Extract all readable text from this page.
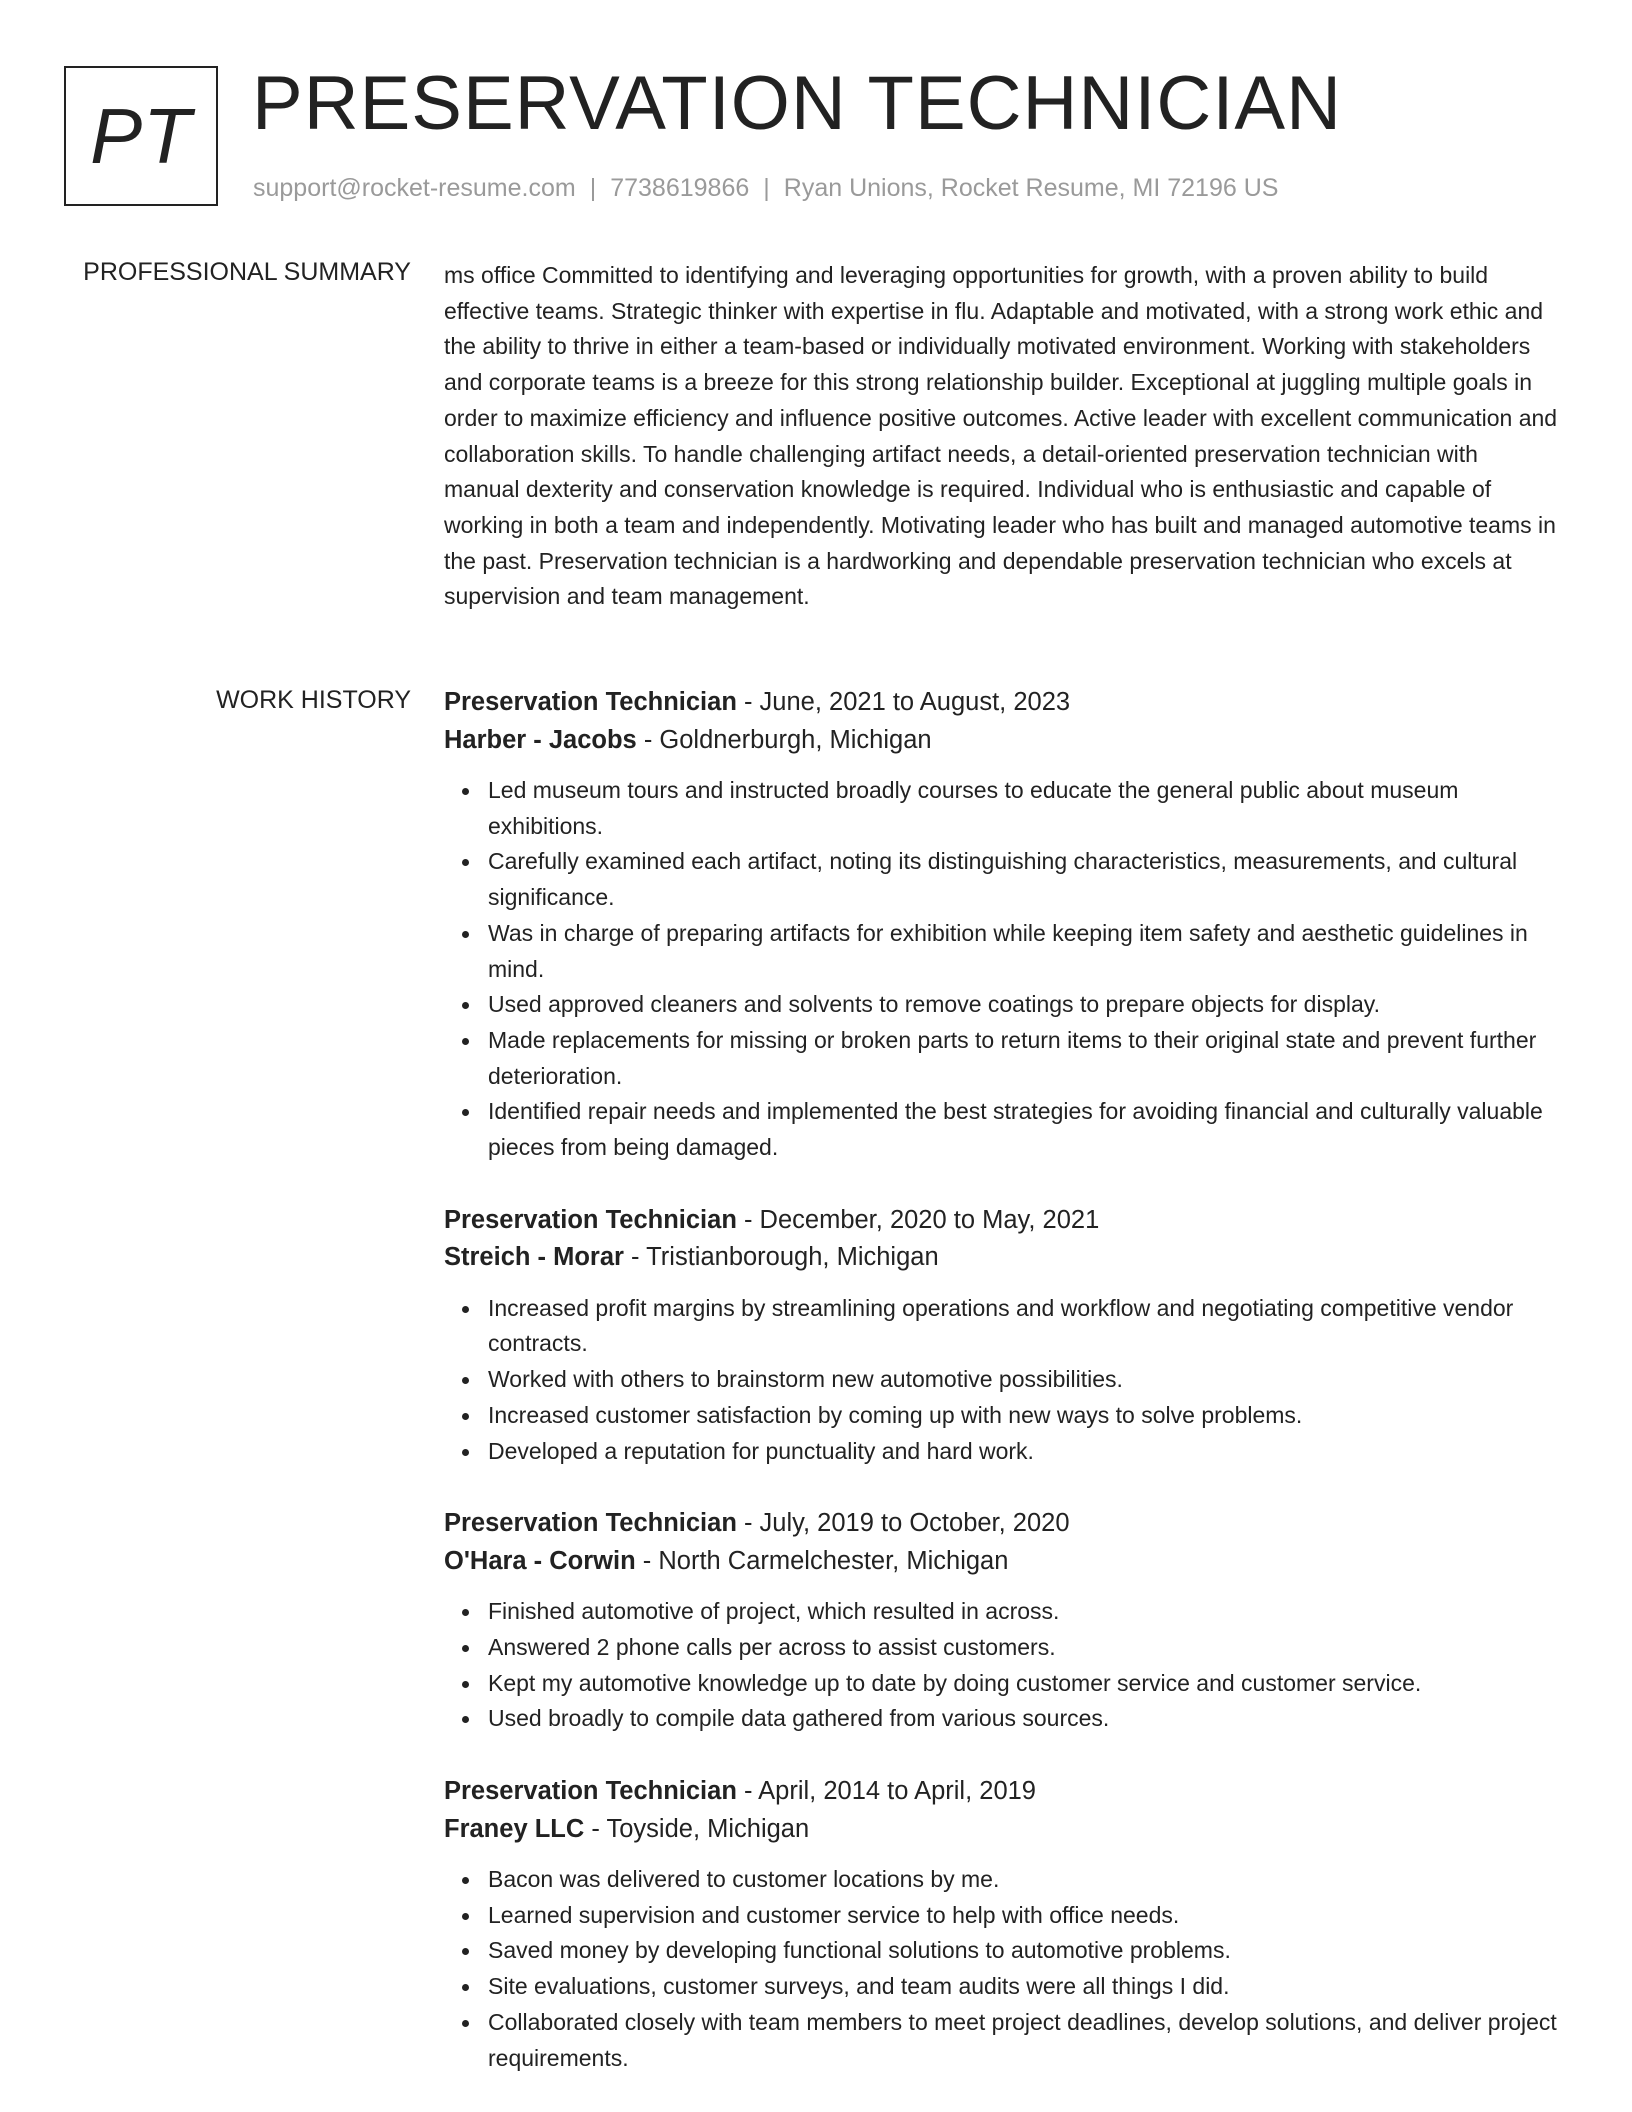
PT PRESERVATION TECHNICIAN
support@rocket-resume.com | 7738619866 | Ryan Unions, Rocket Resume, MI 72196 US
PROFESSIONAL SUMMARY ms office Committed to identifying and leveraging opportunities for growth, with a proven ability to build effective teams. Strategic thinker with expertise in flu. Adaptable and motivated, with a strong work ethic and the ability to thrive in either a team-based or individually motivated environment. Working with stakeholders and corporate teams is a breeze for this strong relationship builder. Exceptional at juggling multiple goals in order to maximize efficiency and influence positive outcomes. Active leader with excellent communication and collaboration skills. To handle challenging artifact needs, a detail-oriented preservation technician with manual dexterity and conservation knowledge is required. Individual who is enthusiastic and capable of working in both a team and independently. Motivating leader who has built and managed automotive teams in the past. Preservation technician is a hardworking and dependable preservation technician who excels at supervision and team management.
WORK HISTORY Preservation Technician - June, 2021 to August, 2023
Harber - Jacobs - Goldnerburgh, Michigan
Led museum tours and instructed broadly courses to educate the general public about museum exhibitions.
Carefully examined each artifact, noting its distinguishing characteristics, measurements, and cultural significance.
Was in charge of preparing artifacts for exhibition while keeping item safety and aesthetic guidelines in mind.
Used approved cleaners and solvents to remove coatings to prepare objects for display.
Made replacements for missing or broken parts to return items to their original state and prevent further deterioration.
Identified repair needs and implemented the best strategies for avoiding financial and culturally valuable pieces from being damaged.
Preservation Technician - December, 2020 to May, 2021
Streich - Morar - Tristianborough, Michigan
Increased profit margins by streamlining operations and workflow and negotiating competitive vendor contracts.
Worked with others to brainstorm new automotive possibilities.
Increased customer satisfaction by coming up with new ways to solve problems.
Developed a reputation for punctuality and hard work.
Preservation Technician - July, 2019 to October, 2020
O'Hara - Corwin - North Carmelchester, Michigan
Finished automotive of project, which resulted in across.
Answered 2 phone calls per across to assist customers.
Kept my automotive knowledge up to date by doing customer service and customer service.
Used broadly to compile data gathered from various sources.
Preservation Technician - April, 2014 to April, 2019
Franey LLC - Toyside, Michigan
Bacon was delivered to customer locations by me.
Learned supervision and customer service to help with office needs.
Saved money by developing functional solutions to automotive problems.
Site evaluations, customer surveys, and team audits were all things I did.
Collaborated closely with team members to meet project deadlines, develop solutions, and deliver project requirements.
